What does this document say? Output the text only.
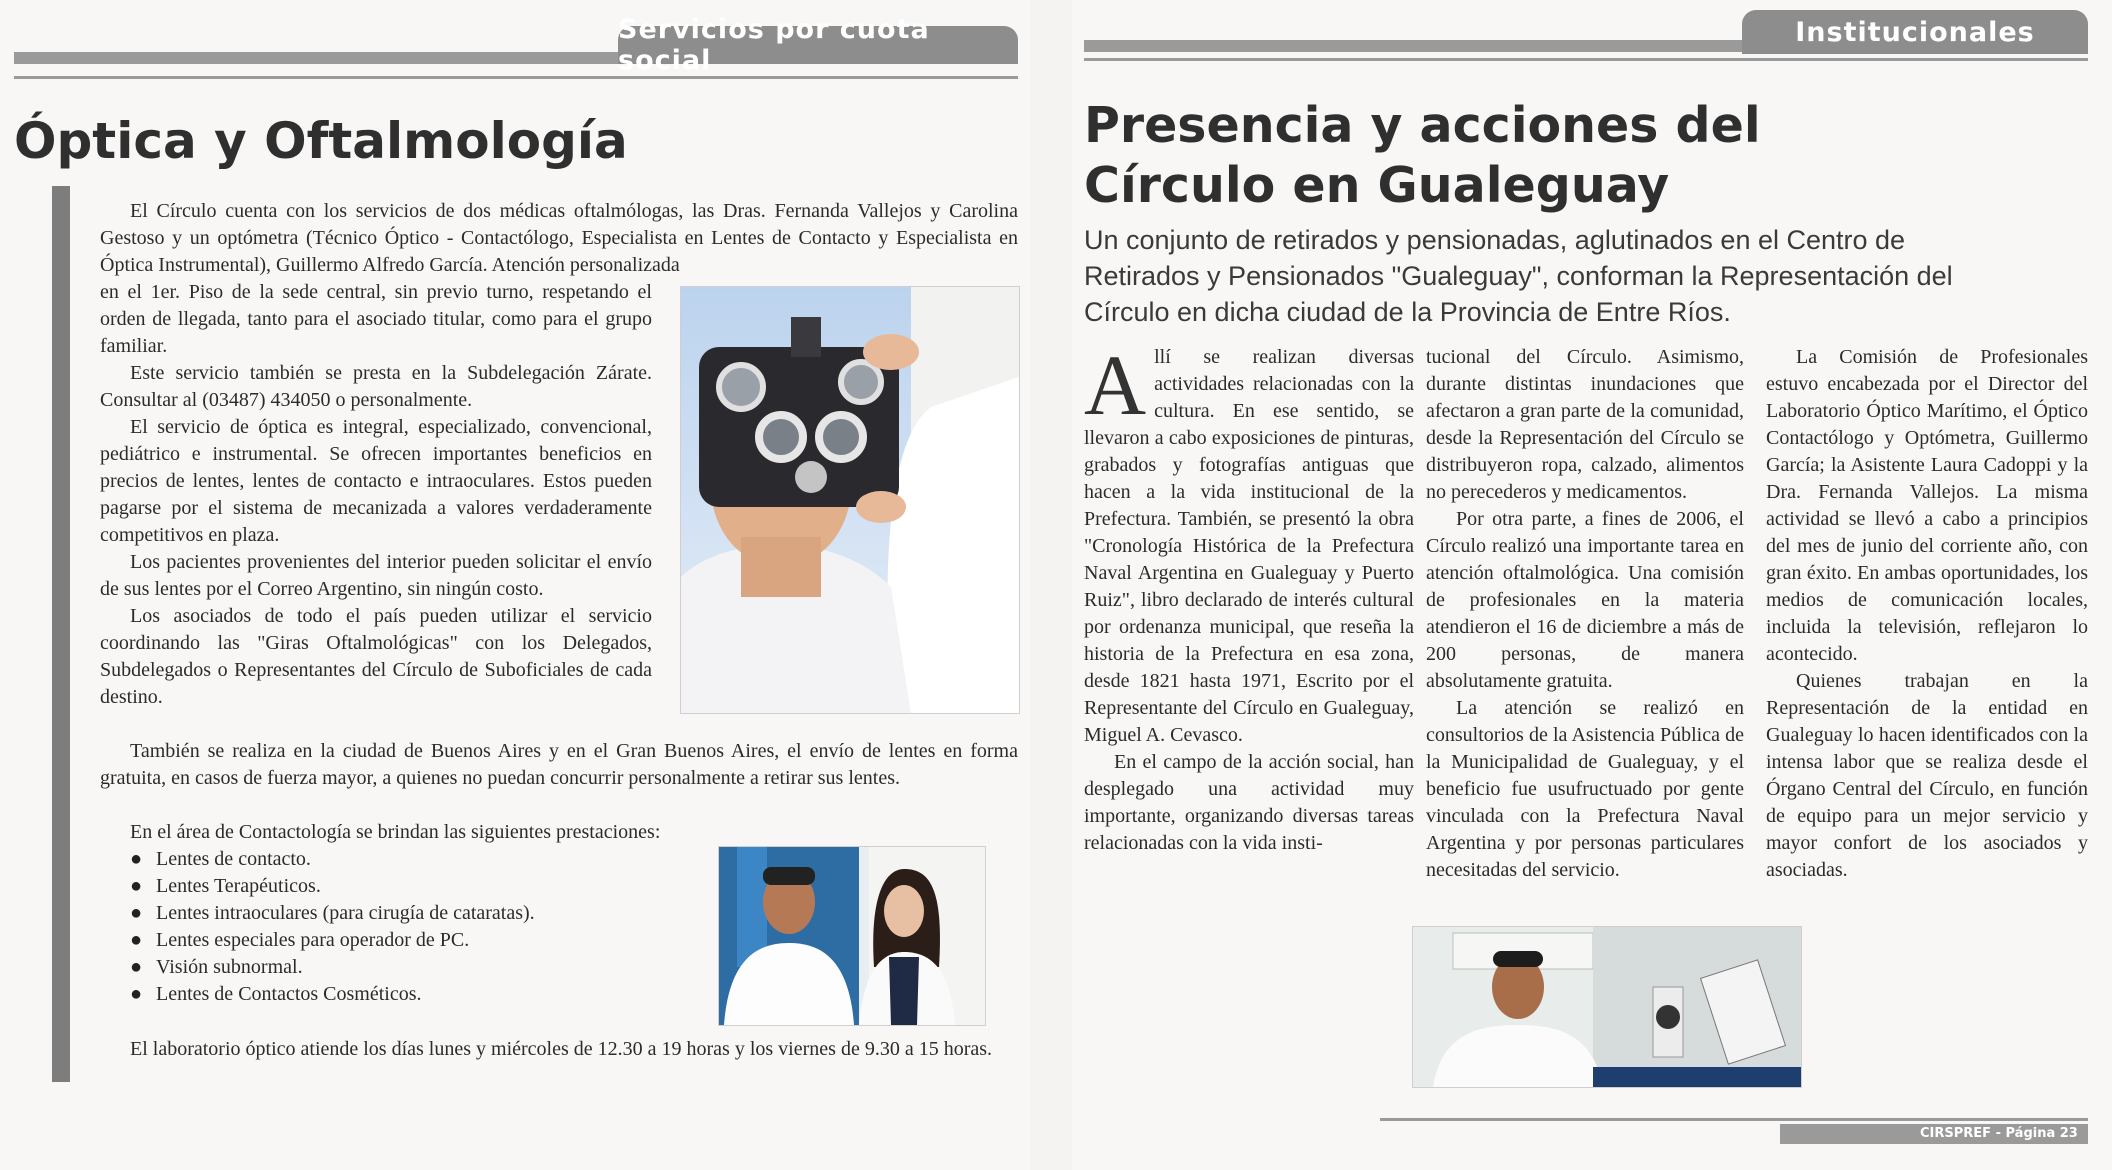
Servicios por cuota social
Óptica y Oftalmología

El Círculo cuenta con los servicios de dos médicas oftalmólogas, las Dras. Fernanda Vallejos y Carolina Gestoso y un optómetra (Técnico Óptico - Contactólogo, Especialista en Lentes de Contacto y Especialista en Óptica Instrumental), Guillermo Alfredo García. Atención personalizada

en el 1er. Piso de la sede central, sin previo turno, respetando el orden de llegada, tanto para el asociado titular, como para el grupo familiar.

Este servicio también se presta en la Subdelegación Zárate. Consultar al (03487) 434050 o personalmente.

El servicio de óptica es integral, especializado, convencional, pediátrico e instrumental. Se ofrecen importantes beneficios en precios de lentes, lentes de contacto e intraoculares. Estos pueden pagarse por el sistema de mecanizada a valores verdaderamente competitivos en plaza.

Los pacientes provenientes del interior pueden solicitar el envío de sus lentes por el Correo Argentino, sin ningún costo.

Los asociados de todo el país pueden utilizar el servicio coordinando las "Giras Oftalmológicas" con los Delegados, Subdelegados o Representantes del Círculo de Suboficiales de cada destino.

También se realiza en la ciudad de Buenos Aires y en el Gran Buenos Aires, el envío de lentes en forma gratuita, en casos de fuerza mayor, a quienes no puedan concurrir personalmente a retirar sus lentes.

En el área de Contactología se brindan las siguientes prestaciones:

● Lentes de contacto.
● Lentes Terapéuticos.
● Lentes intraoculares (para cirugía de cataratas).
● Lentes especiales para operador de PC.
● Visión subnormal.
● Lentes de Contactos Cosméticos.

El laboratorio óptico atiende los días lunes y miércoles de 12.30 a 19 horas y los viernes de 9.30 a 15 horas.

Institucionales
Presencia y acciones del
Círculo en Gualeguay

Un conjunto de retirados y pensionadas, aglutinados en el Centro de Retirados y Pensionados "Gualeguay", conforman la Representación del Círculo en dicha ciudad de la Provincia de Entre Ríos.

Allí se realizan diversas actividades relacionadas con la cultura. En ese sentido, se llevaron a cabo exposiciones de pinturas, grabados y fotografías antiguas que hacen a la vida institucional de la Prefectura. También, se presentó la obra "Cronología Histórica de la Prefectura Naval Argentina en Gualeguay y Puerto Ruiz", libro declarado de interés cultural por ordenanza municipal, que reseña la historia de la Prefectura en esa zona, desde 1821 hasta 1971, Escrito por el Representante del Círculo en Gualeguay, Miguel A. Cevasco.

En el campo de la acción social, han desplegado una actividad muy importante, organizando diversas tareas relacionadas con la vida insti-

tucional del Círculo. Asimismo, durante distintas inundaciones que afectaron a gran parte de la comunidad, desde la Representación del Círculo se distribuyeron ropa, calzado, alimentos no perecederos y medicamentos.

Por otra parte, a fines de 2006, el Círculo realizó una importante tarea en atención oftalmológica. Una comisión de profesionales en la materia atendieron el 16 de diciembre a más de 200 personas, de manera absolutamente gratuita.

La atención se realizó en consultorios de la Asistencia Pública de la Municipalidad de Gualeguay, y el beneficio fue usufructuado por gente vinculada con la Prefectura Naval Argentina y por personas particulares necesitadas del servicio.

La Comisión de Profesionales estuvo encabezada por el Director del Laboratorio Óptico Marítimo, el Óptico Contactólogo y Optómetra, Guillermo García; la Asistente Laura Cadoppi y la Dra. Fernanda Vallejos. La misma actividad se llevó a cabo a principios del mes de junio del corriente año, con gran éxito. En ambas oportunidades, los medios de comunicación locales, incluida la televisión, reflejaron lo acontecido.

Quienes trabajan en la Representación de la entidad en Gualeguay lo hacen identificados con la intensa labor que se realiza desde el Órgano Central del Círculo, en función de equipo para un mejor servicio y mayor confort de los asociados y asociadas.

CIRSPREF - Página 23
